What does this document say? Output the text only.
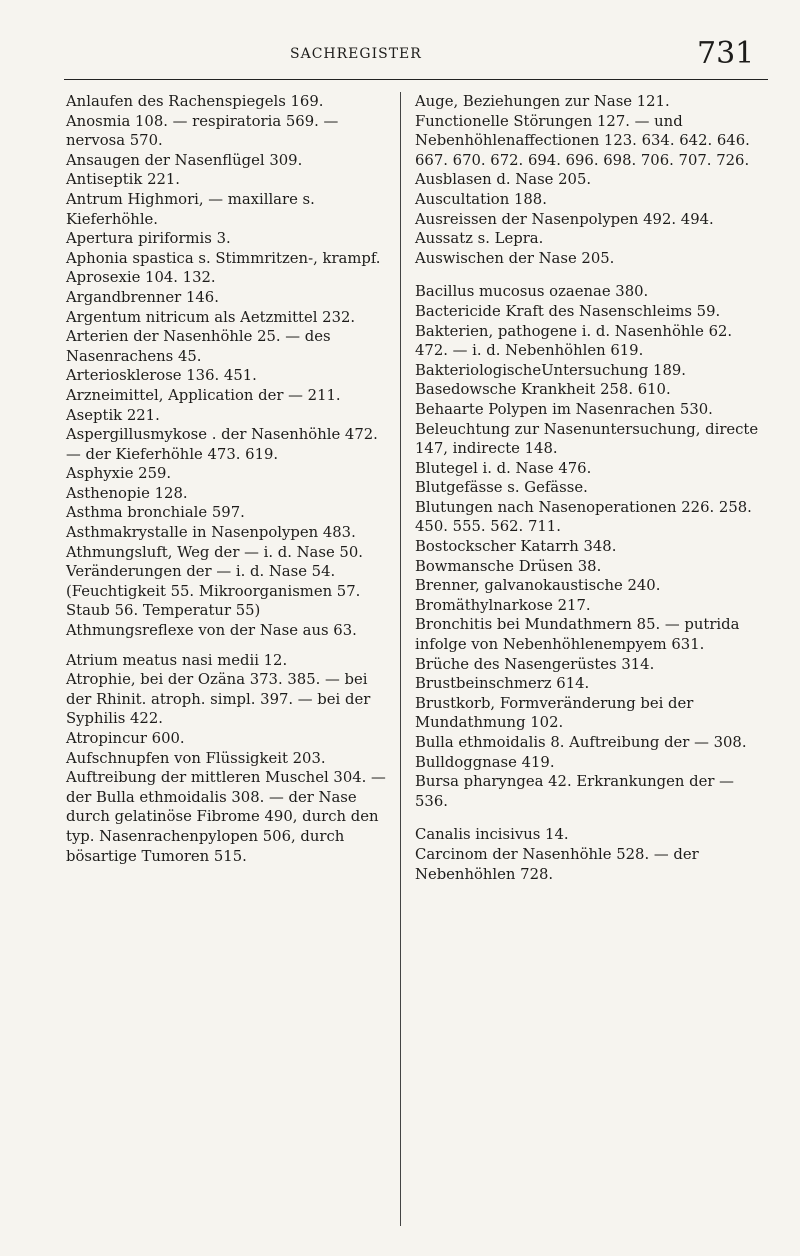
SACHREGISTER	731

Anlaufen des Rachenspiegels 169.

Anosmia 108. — respiratoria 569. — nervosa 570.

Ansaugen der Nasenflügel 309.

Antiseptik 221.

Antrum Highmori, — maxillare s. Kieferhöhle.

Apertura piriformis 3.

Aphonia spastica s. Stimmritzen-, krampf.

Aprosexie 104. 132.

Argandbrenner 146.

Argentum nitricum als Aetzmittel 232.

Arterien der Nasenhöhle 25. — des Nasenrachens 45.

Arteriosklerose 136. 451.

Arzneimittel, Application der — 211.

Aseptik 221.

Aspergillusmykose . der Nasenhöhle 472. — der Kieferhöhle 473. 619.

Asphyxie 259.

Asthenopie 128.

Asthma bronchiale 597.

Asthmakrystalle in Nasenpolypen 483.

Athmungsluft, Weg der — i. d. Nase 50. Veränderungen der — i. d. Nase 54. (Feuchtigkeit 55. Mikroorganismen 57. Staub 56. Temperatur 55)

Athmungsreflexe von der Nase aus 63.

Atrium meatus nasi medii 12.

Atrophie, bei der Ozäna 373. 385. — bei der Rhinit. atroph. simpl. 397. — bei der Syphilis 422.

Atropincur 600.

Aufschnupfen von Flüssigkeit 203.

Auftreibung der mittleren Muschel 304. — der Bulla ethmoidalis 308. — der Nase durch gelatinöse Fibrome 490, durch den typ. Nasenrachenpylopen 506, durch bösartige Tumoren 515.

Auge, Beziehungen zur Nase 121. Functionelle Störungen 127. — und Nebenhöhlenaffectionen 123. 634. 642. 646. 667. 670. 672. 694. 696. 698. 706. 707. 726.

Ausblasen d. Nase 205.

Auscultation 188.

Ausreissen der Nasenpolypen 492. 494.

Aussatz s. Lepra.

Auswischen der Nase 205.

Bacillus mucosus ozaenae 380.

Bactericide Kraft des Nasenschleims 59.

Bakterien, pathogene i. d. Nasenhöhle 62. 472. — i. d. Nebenhöhlen 619.

BakteriologischeUntersuchung 189.

Basedowsche Krankheit 258. 610.

Behaarte Polypen im Nasenrachen 530.

Beleuchtung zur Nasenuntersuchung, directe 147, indirecte 148.

Blutegel i. d. Nase 476.

Blutgefässe s. Gefässe.

Blutungen nach Nasenoperationen 226. 258. 450. 555. 562. 711.

Bostockscher Katarrh 348.

Bowmansche Drüsen 38.

Brenner, galvanokaustische 240.

Bromäthylnarkose 217.

Bronchitis bei Mundathmern 85. — putrida infolge von Nebenhöhlenempyem 631.

Brüche des Nasengerüstes 314.

Brustbeinschmerz 614.

Brustkorb, Formveränderung bei der Mundathmung 102.

Bulla ethmoidalis 8. Auftreibung der — 308.

Bulldoggnase 419.

Bursa pharyngea 42. Erkrankungen der — 536.

Canalis incisivus 14.

Carcinom der Nasenhöhle 528. — der Nebenhöhlen 728.
